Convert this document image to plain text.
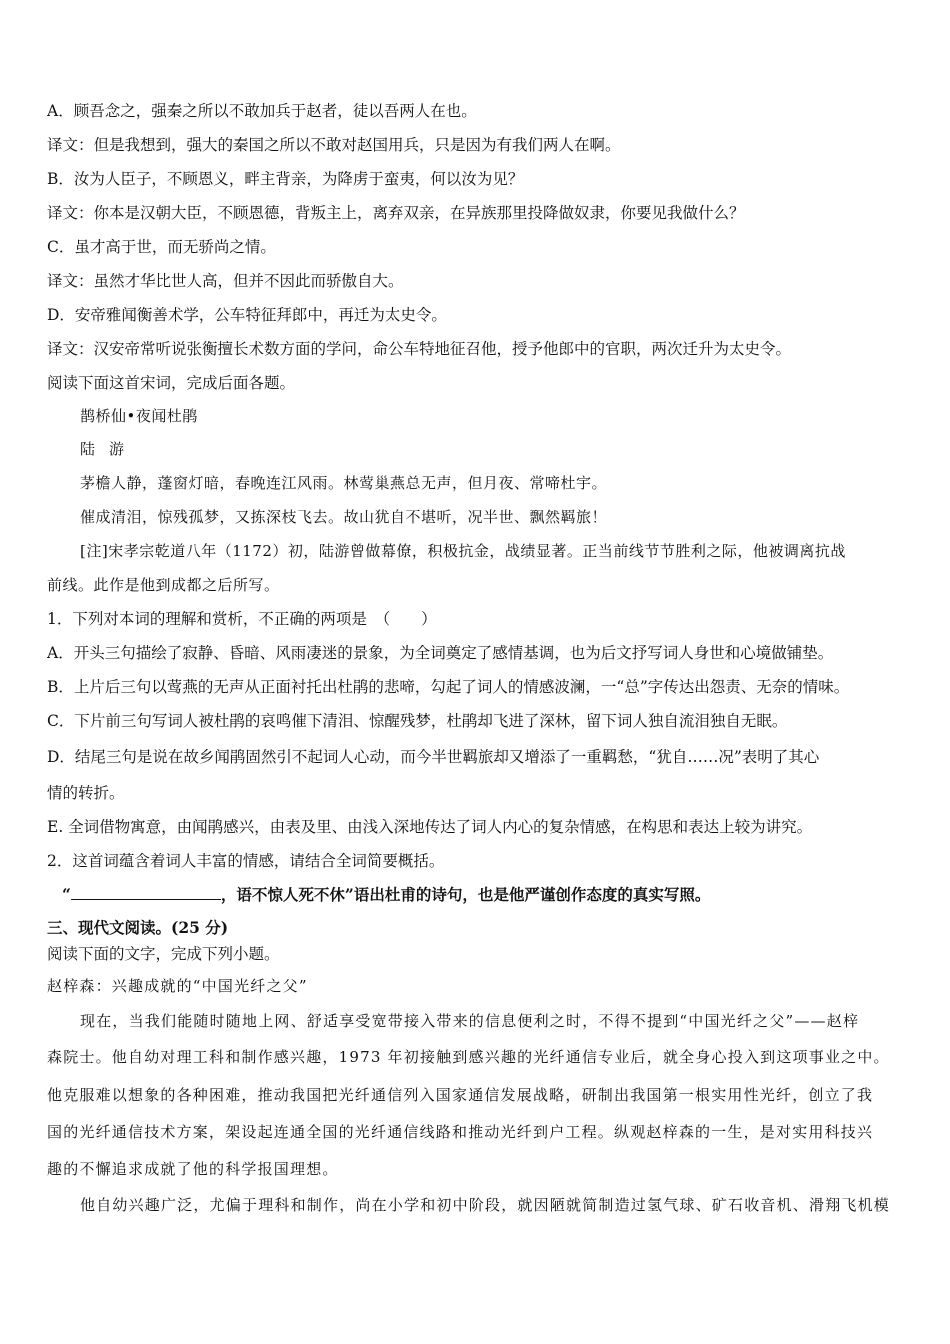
A．顾吾念之，强秦之所以不敢加兵于赵者，徒以吾两人在也。
译文：但是我想到，强大的秦国之所以不敢对赵国用兵，只是因为有我们两人在啊。
B．汝为人臣子，不顾恩义，畔主背亲，为降虏于蛮夷，何以汝为见？
译文：你本是汉朝大臣，不顾恩德，背叛主上，离弃双亲，在异族那里投降做奴隶，你要见我做什么？
C．虽才高于世，而无骄尚之情。
译文：虽然才华比世人高，但并不因此而骄傲自大。
D．安帝雅闻衡善术学，公车特征拜郎中，再迁为太史令。
译文：汉安帝常听说张衡擅长术数方面的学问，命公车特地征召他，授予他郎中的官职，两次迁升为太史令。
阅读下面这首宋词，完成后面各题。
鹊桥仙•夜闻杜鹃
陆游
茅檐人静，蓬窗灯暗，春晚连江风雨。林莺巢燕总无声，但月夜、常啼杜宇。
催成清泪，惊残孤梦，又拣深枝飞去。故山犹自不堪听，况半世、飘然羁旅！
[注]宋孝宗乾道八年（1172）初，陆游曾做幕僚，积极抗金，战绩显著。正当前线节节胜利之际，他被调离抗战
前线。此作是他到成都之后所写。
1．下列对本词的理解和赏析，不正确的两项是　（　　）
A．开头三句描绘了寂静、昏暗、风雨凄迷的景象，为全词奠定了感情基调，也为后文抒写词人身世和心境做铺垫。
B．上片后三句以莺燕的无声从正面衬托出杜鹃的悲啼，勾起了词人的情感波澜，一“总”字传达出怨责、无奈的情味。
C．下片前三句写词人被杜鹃的哀鸣催下清泪、惊醒残梦，杜鹃却飞进了深林，留下词人独自流泪独自无眠。
D．结尾三句是说在故乡闻鹃固然引不起词人心动，而今半世羁旅却又增添了一重羁愁，“犹自……况”表明了其心
情的转折。
E. 全词借物寓意，由闻鹃感兴，由表及里、由浅入深地传达了词人内心的复杂情感，在构思和表达上较为讲究。
2．这首词蕴含着词人丰富的情感，请结合全词简要概括。
“	，语不惊人死不休”语出杜甫的诗句，也是他严谨创作态度的真实写照。
三、现代文阅读。(25 分)
阅读下面的文字，完成下列小题。
赵梓森：兴趣成就的“中国光纤之父”
现在，当我们能随时随地上网、舒适享受宽带接入带来的信息便利之时，不得不提到“中国光纤之父”——赵梓
森院士。他自幼对理工科和制作感兴趣，1973 年初接触到感兴趣的光纤通信专业后，就全身心投入到这项事业之中。
他克服难以想象的各种困难，推动我国把光纤通信列入国家通信发展战略，研制出我国第一根实用性光纤，创立了我
国的光纤通信技术方案，架设起连通全国的光纤通信线路和推动光纤到户工程。纵观赵梓森的一生，是对实用科技兴
趣的不懈追求成就了他的科学报国理想。
他自幼兴趣广泛，尤偏于理科和制作，尚在小学和初中阶段，就因陋就简制造过氢气球、矿石收音机、滑翔飞机模
